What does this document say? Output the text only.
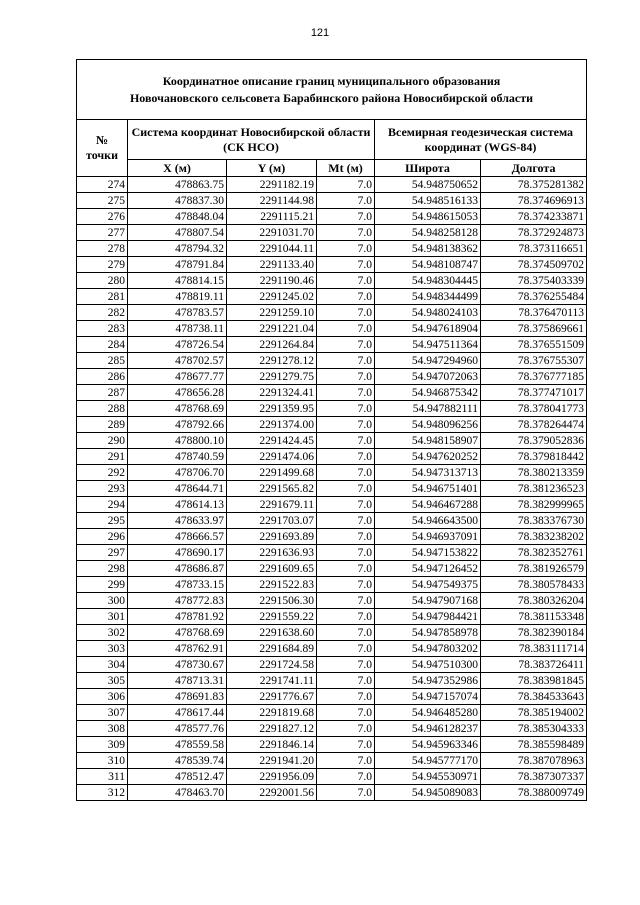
121
Координатное описание границ муниципального образования
Новочановского сельсовета Барабинского района Новосибирской области					
№
точки	Система координат Новосибирской области (СК НСО)			Всемирная геодезическая система координат (WGS-84)	
	X (м)	Y (м)	Mt (м)	Широта	Долгота
274	478863.75	2291182.19	7.0	54.948750652	78.375281382
275	478837.30	2291144.98	7.0	54.948516133	78.374696913
276	478848.04	2291115.21	7.0	54.948615053	78.374233871
277	478807.54	2291031.70	7.0	54.948258128	78.372924873
278	478794.32	2291044.11	7.0	54.948138362	78.373116651
279	478791.84	2291133.40	7.0	54.948108747	78.374509702
280	478814.15	2291190.46	7.0	54.948304445	78.375403339
281	478819.11	2291245.02	7.0	54.948344499	78.376255484
282	478783.57	2291259.10	7.0	54.948024103	78.376470113
283	478738.11	2291221.04	7.0	54.947618904	78.375869661
284	478726.54	2291264.84	7.0	54.947511364	78.376551509
285	478702.57	2291278.12	7.0	54.947294960	78.376755307
286	478677.77	2291279.75	7.0	54.947072063	78.376777185
287	478656.28	2291324.41	7.0	54.946875342	78.377471017
288	478768.69	2291359.95	7.0	54.947882111	78.378041773
289	478792.66	2291374.00	7.0	54.948096256	78.378264474
290	478800.10	2291424.45	7.0	54.948158907	78.379052836
291	478740.59	2291474.06	7.0	54.947620252	78.379818442
292	478706.70	2291499.68	7.0	54.947313713	78.380213359
293	478644.71	2291565.82	7.0	54.946751401	78.381236523
294	478614.13	2291679.11	7.0	54.946467288	78.382999965
295	478633.97	2291703.07	7.0	54.946643500	78.383376730
296	478666.57	2291693.89	7.0	54.946937091	78.383238202
297	478690.17	2291636.93	7.0	54.947153822	78.382352761
298	478686.87	2291609.65	7.0	54.947126452	78.381926579
299	478733.15	2291522.83	7.0	54.947549375	78.380578433
300	478772.83	2291506.30	7.0	54.947907168	78.380326204
301	478781.92	2291559.22	7.0	54.947984421	78.381153348
302	478768.69	2291638.60	7.0	54.947858978	78.382390184
303	478762.91	2291684.89	7.0	54.947803202	78.383111714
304	478730.67	2291724.58	7.0	54.947510300	78.383726411
305	478713.31	2291741.11	7.0	54.947352986	78.383981845
306	478691.83	2291776.67	7.0	54.947157074	78.384533643
307	478617.44	2291819.68	7.0	54.946485280	78.385194002
308	478577.76	2291827.12	7.0	54.946128237	78.385304333
309	478559.58	2291846.14	7.0	54.945963346	78.385598489
310	478539.74	2291941.20	7.0	54.945777170	78.387078963
311	478512.47	2291956.09	7.0	54.945530971	78.387307337
312	478463.70	2292001.56	7.0	54.945089083	78.388009749
